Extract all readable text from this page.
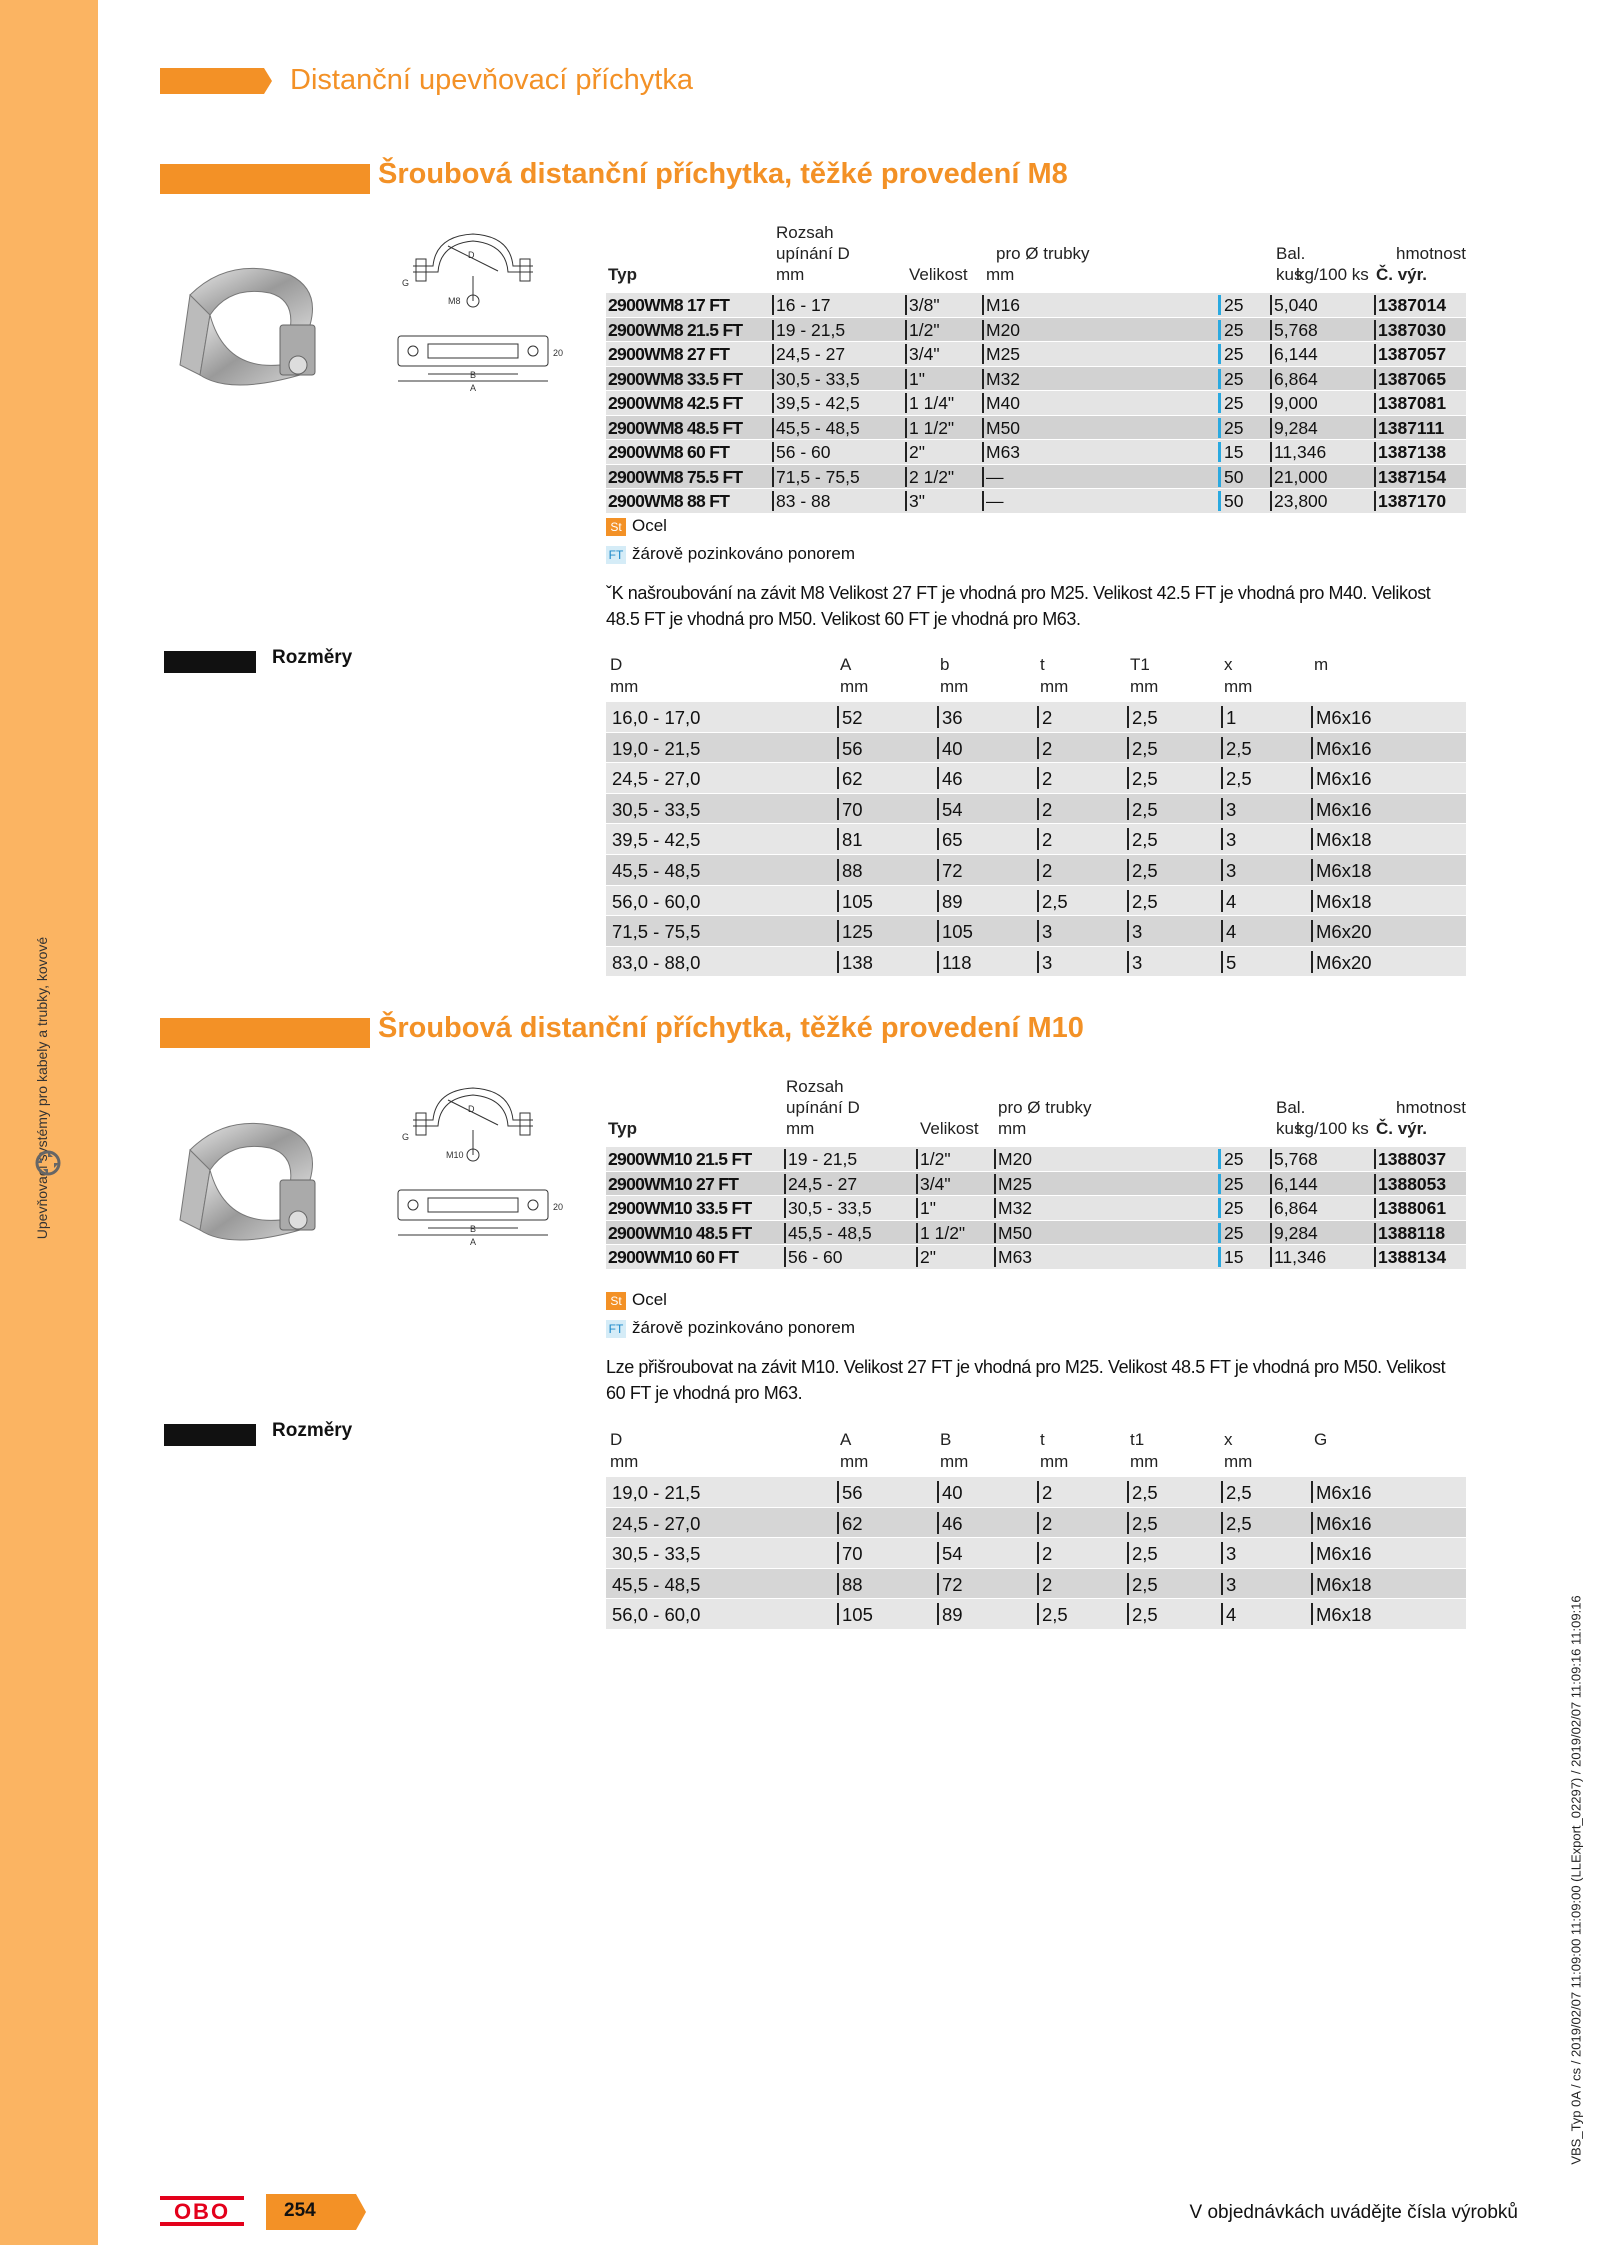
Upevňovací systémy pro kabely a trubky, kovové
Distanční upevňovací příchytka
Šroubová distanční příchytka, těžké provedení M8
D
G
M8
B
A
20
Rozsah
upínání D	pro Ø trubky	Bal.
kus
hmotnost
Typ	mm	Velikost mm	kg/100 ks Č. výr.
2900WM8 17 FT	16 - 17	3/8"	M16	25 5,040	1387014
2900WM8 21.5 FT 19 - 21,5	1/2"	M20	25 5,768	1387030
2900WM8 27 FT	24,5 - 27	3/4"	M25	25 6,144	1387057
2900WM8 33.5 FT 30,5 - 33,5	1"	M32	25 6,864	1387065
2900WM8 42.5 FT 39,5 - 42,5	1 1/4" M40	25 9,000	1387081
2900WM8 48.5 FT 45,5 - 48,5	1 1/2" M50	25 9,284	1387111
2900WM8 60 FT	56 - 60	2"	M63	15 11,346	1387138
2900WM8 75.5 FT 71,5 - 75,5	2 1/2" —	50 21,000	1387154
2900WM8 88 FT	83 - 88	3"	—	50 23,800	1387170
St Ocel
FT žárově pozinkováno ponorem
ˇK našroubování na závit M8 Velikost 27 FT je vhodná pro M25. Velikost 42.5 FT je vhodná pro M40. Velikost 48.5 FT je vhodná pro M50. Velikost 60 FT je vhodná pro M63.
Rozměry	D
mm
A
mm
b
mm
t
mm
T1
mm
x
mm
m
16,0 - 17,0	52	36	2	2,5	1	M6x16
19,0 - 21,5	56	40	2	2,5	2,5	M6x16
24,5 - 27,0	62	46	2	2,5	2,5	M6x16
30,5 - 33,5	70	54	2	2,5	3	M6x16
39,5 - 42,5	81	65	2	2,5	3	M6x18
45,5 - 48,5	88	72	2	2,5	3	M6x18
56,0 - 60,0	105	89	2,5	2,5	4	M6x18
71,5 - 75,5	125	105	3	3	4	M6x20
83,0 - 88,0	138	118	3	3	5	M6x20
Šroubová distanční příchytka, těžké provedení M10
D
G
M10
B
A
20
Rozsah
upínání D	pro Ø trubky	Bal.
kus
hmotnost
Typ	mm	Velikost mm	kg/100 ks Č. výr.
2900WM10 21.5 FT 19 - 21,5	1/2"	M20	25 5,768	1388037
2900WM10 27 FT	24,5 - 27	3/4"	M25	25 6,144	1388053
2900WM10 33.5 FT 30,5 - 33,5	1"	M32	25 6,864	1388061
2900WM10 48.5 FT 45,5 - 48,5	1 1/2" M50	25 9,284	1388118
2900WM10 60 FT	56 - 60	2"	M63	15 11,346	1388134
St Ocel
FT žárově pozinkováno ponorem
Lze přišroubovat na závit M10. Velikost 27 FT je vhodná pro M25. Velikost 48.5 FT je vhodná pro M50. Velikost 60 FT je vhodná pro M63.
Rozměry	D
mm
A
mm
B
mm
t
mm
t1
mm
x
mm
G
19,0 - 21,5	56	40	2	2,5	2,5	M6x16
24,5 - 27,0	62	46	2	2,5	2,5	M6x16
30,5 - 33,5	70	54	2	2,5	3	M6x16
45,5 - 48,5	88	72	2	2,5	3	M6x18
56,0 - 60,0	105	89	2,5	2,5	4	M6x18
OBO	254	V objednávkách uvádějte čísla výrobků
VBS_Typ 0A / cs / 2019/02/07 11:09:00 11:09:00 (LLExport_02297) / 2019/02/07 11:09:16 11:09:16
